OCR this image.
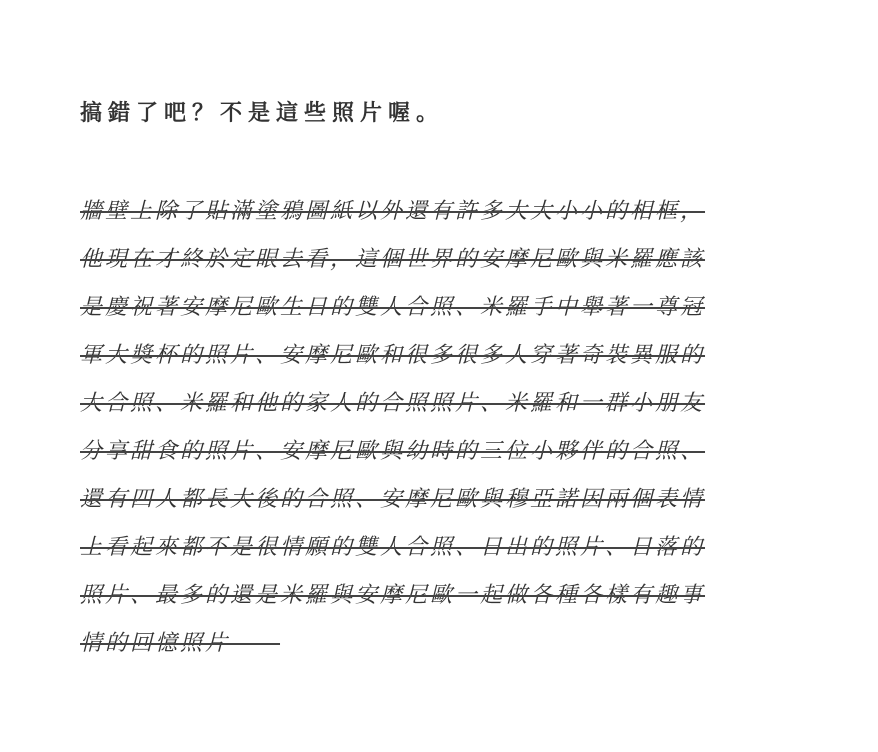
搞錯了吧？不是這些照片喔。

牆壁上除了貼滿塗鴉圖紙以外還有許多大大小小的相框，
他現在才終於定眼去看，這個世界的安摩尼歐與米羅應該
是慶祝著安摩尼歐生日的雙人合照、米羅手中舉著一尊冠
軍大獎杯的照片、安摩尼歐和很多很多人穿著奇裝異服的
大合照、米羅和他的家人的合照照片、米羅和一群小朋友
分享甜食的照片、安摩尼歐與幼時的三位小夥伴的合照、
還有四人都長大後的合照、安摩尼歐與穆亞諾因兩個表情
上看起來都不是很情願的雙人合照、日出的照片、日落的
照片、最多的還是米羅與安摩尼歐一起做各種各樣有趣事
情的回憶照片——
